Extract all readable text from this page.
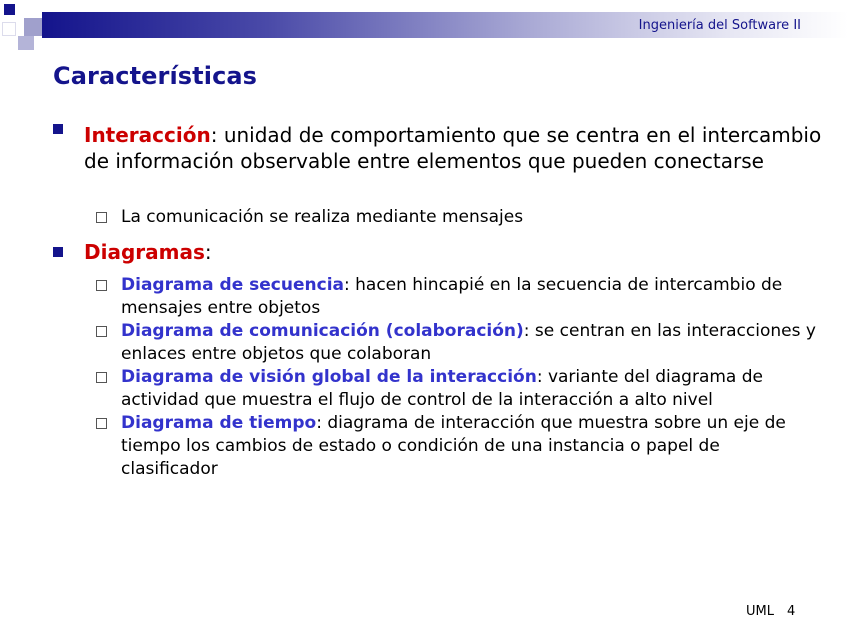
Ingeniería del Software II
Características
Interacción: unidad de comportamiento que se centra en el intercambio de información observable entre elementos que pueden conectarse
La comunicación se realiza mediante mensajes
Diagramas:
Diagrama de secuencia: hacen hincapié en la secuencia de intercambio de mensajes entre objetos
Diagrama de comunicación (colaboración): se centran en las interacciones y enlaces entre objetos que colaboran
Diagrama de visión global de la interacción: variante del diagrama de actividad que muestra el flujo de control de la interacción a alto nivel
Diagrama de tiempo: diagrama de interacción que muestra sobre un eje de tiempo los cambios de estado o condición de una instancia o papel de clasificador
UML 4
